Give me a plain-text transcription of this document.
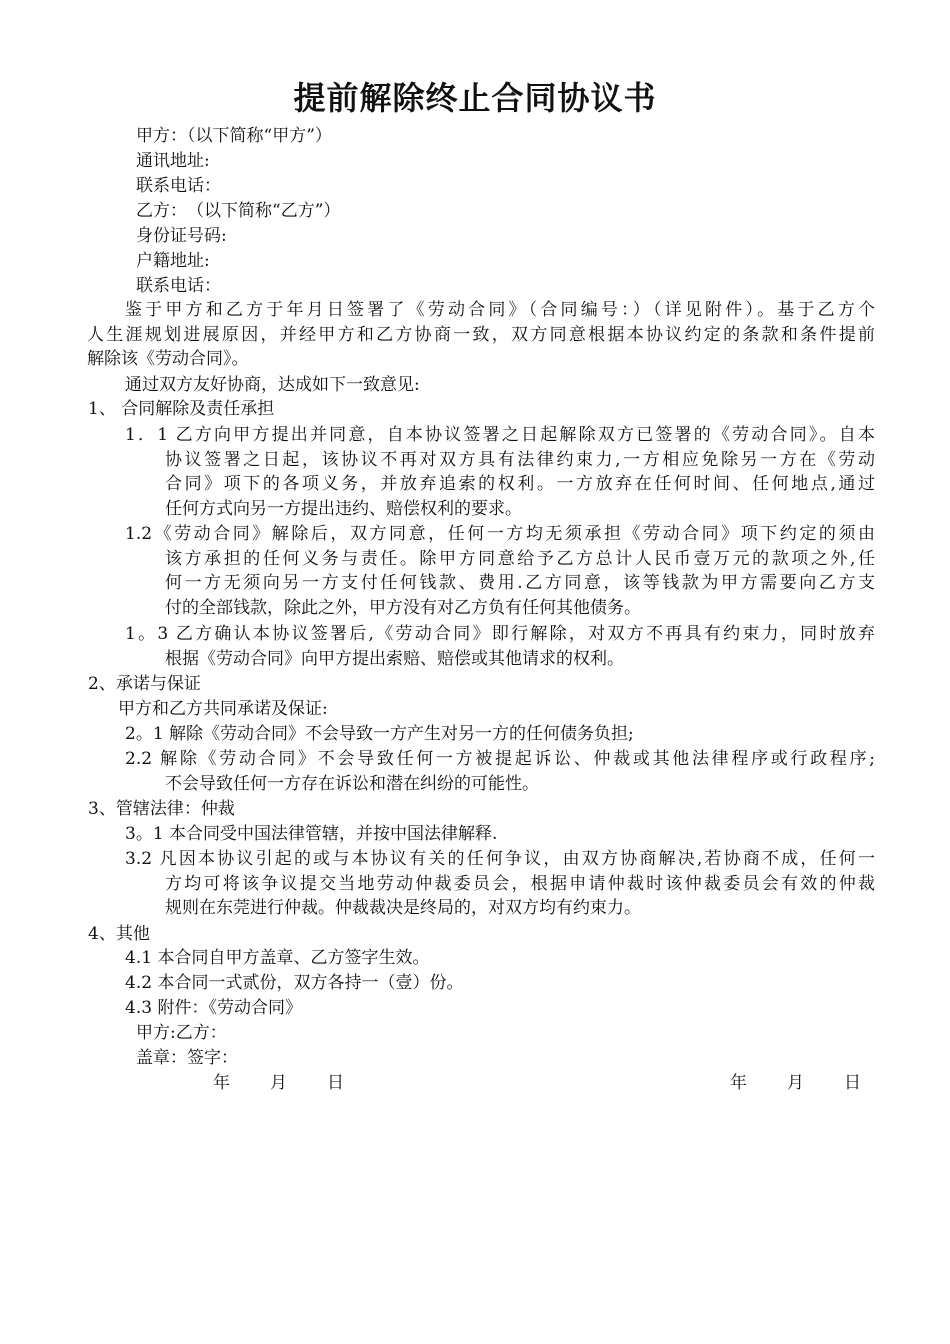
提前解除终止合同协议书
甲方：（以下简称“甲方”）
通讯地址:
联系电话：
乙方：　（以下简称“乙方”）
身份证号码:
户籍地址:
联系电话：
鉴于甲方和乙方于年月日签署了《劳动合同》（合同编号：）（详见附件）。基于乙方个
人生涯规划进展原因，并经甲方和乙方协商一致，双方同意根据本协议约定的条款和条件提前
解除该《劳动合同》。
通过双方友好协商，达成如下一致意见:
1、 合同解除及责任承担
1．1 乙方向甲方提出并同意，自本协议签署之日起解除双方已签署的《劳动合同》。自本
协议签署之日起，该协议不再对双方具有法律约束力,一方相应免除另一方在《劳动
合同》项下的各项义务，并放弃追索的权利。一方放弃在任何时间、任何地点,通过
任何方式向另一方提出违约、赔偿权利的要求。
1.2《劳动合同》解除后，双方同意，任何一方均无须承担《劳动合同》项下约定的须由
该方承担的任何义务与责任。除甲方同意给予乙方总计人民币壹万元的款项之外,任
何一方无须向另一方支付任何钱款、费用.乙方同意，该等钱款为甲方需要向乙方支
付的全部钱款，除此之外，甲方没有对乙方负有任何其他债务。
1。3 乙方确认本协议签署后,《劳动合同》即行解除，对双方不再具有约束力，同时放弃
根据《劳动合同》向甲方提出索赔、赔偿或其他请求的权利。
2、承诺与保证
甲方和乙方共同承诺及保证:
2。1 解除《劳动合同》不会导致一方产生对另一方的任何债务负担;
2.2 解除《劳动合同》不会导致任何一方被提起诉讼、仲裁或其他法律程序或行政程序;
不会导致任何一方存在诉讼和潜在纠纷的可能性。
3、管辖法律：仲裁
3。1 本合同受中国法律管辖，并按中国法律解释.
3.2 凡因本协议引起的或与本协议有关的任何争议，由双方协商解决,若协商不成，任何一
方均可将该争议提交当地劳动仲裁委员会，根据申请仲裁时该仲裁委员会有效的仲裁
规则在东莞进行仲裁。仲裁裁决是终局的，对双方均有约束力。
4、其他
4.1 本合同自甲方盖章、乙方签字生效。
4.2 本合同一式贰份，双方各持一（壹）份。
4.3 附件：《劳动合同》
甲方:乙方：
盖章：签字：
年　　月　　日	年　　月　　日
